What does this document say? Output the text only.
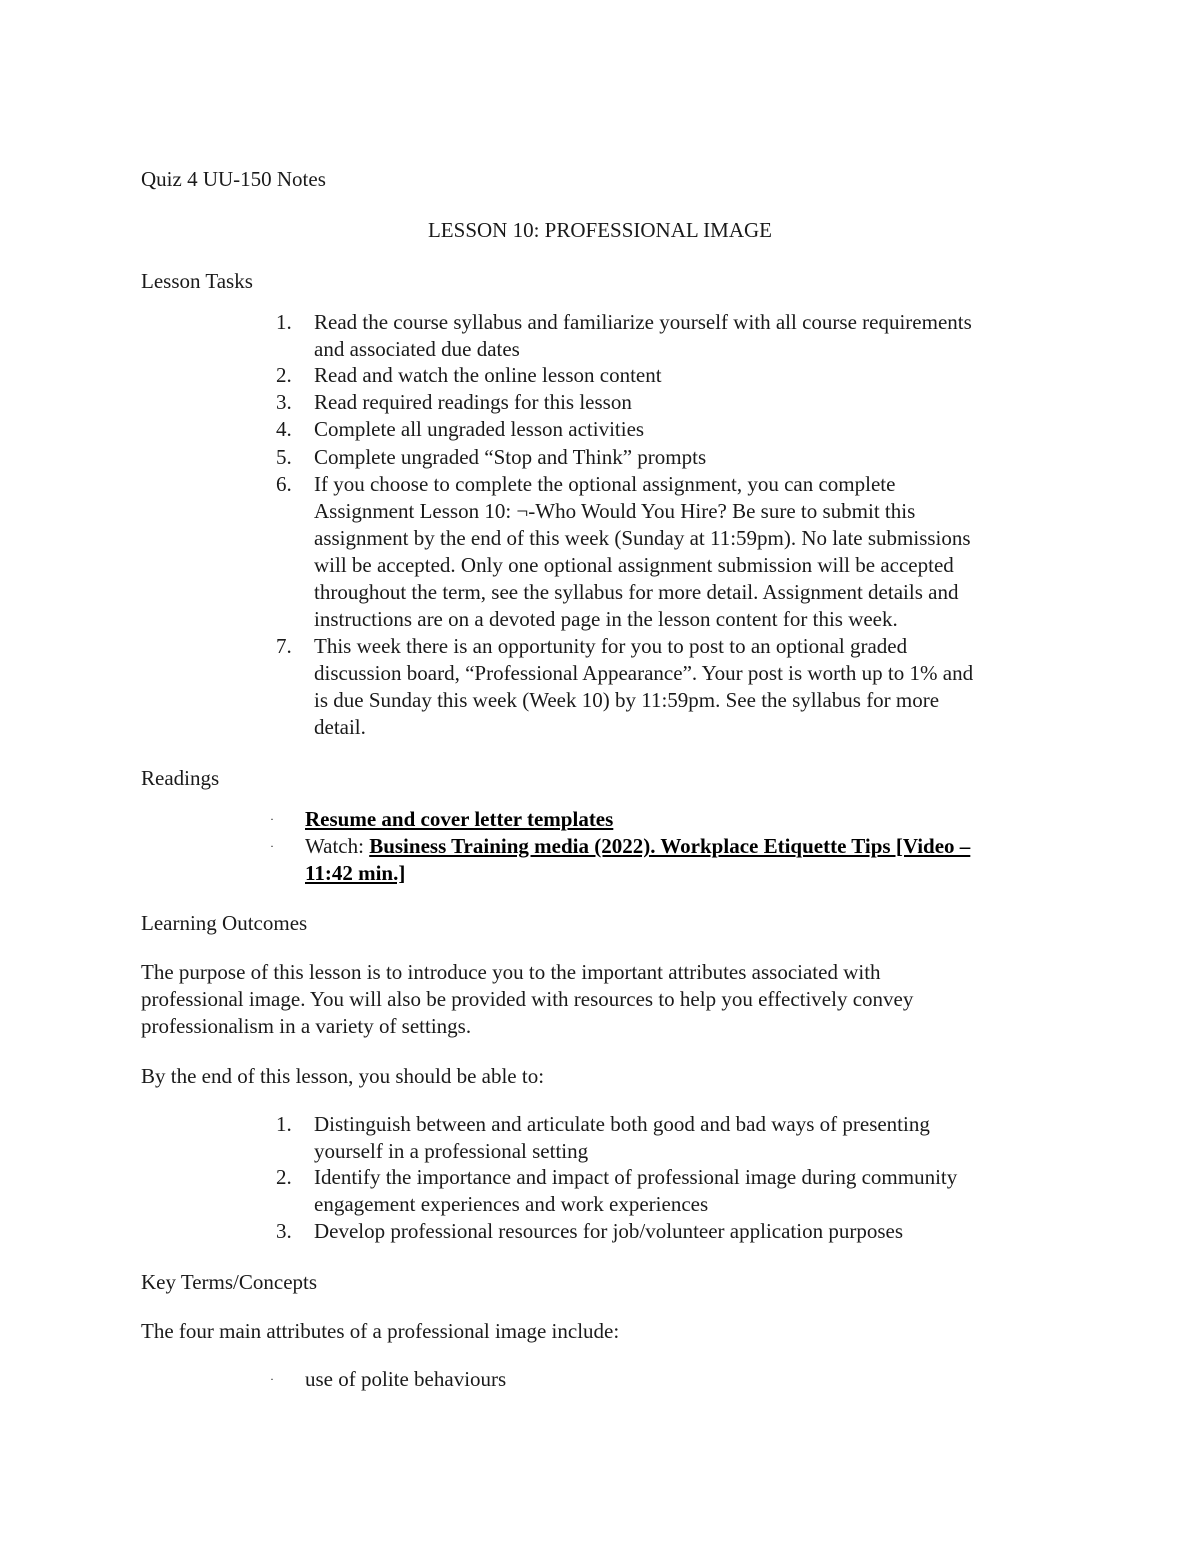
Quiz 4 UU-150 Notes
LESSON 10: PROFESSIONAL IMAGE
Lesson Tasks
1. Read the course syllabus and familiarize yourself with all course requirements
and associated due dates
2. Read and watch the online lesson content
3. Read required readings for this lesson
4. Complete all ungraded lesson activities
5. Complete ungraded “Stop and Think” prompts
6. If you choose to complete the optional assignment, you can complete
Assignment Lesson 10: ¬-Who Would You Hire? Be sure to submit this
assignment by the end of this week (Sunday at 11:59pm). No late submissions
will be accepted. Only one optional assignment submission will be accepted
throughout the term, see the syllabus for more detail. Assignment details and
instructions are on a devoted page in the lesson content for this week.
7. This week there is an opportunity for you to post to an optional graded
discussion board, “Professional Appearance”. Your post is worth up to 1% and
is due Sunday this week (Week 10) by 11:59pm. See the syllabus for more
detail.
Readings
· Resume and cover letter templates
· Watch: Business Training media (2022). Workplace Etiquette Tips [Video –
11:42 min.]
Learning Outcomes
The purpose of this lesson is to introduce you to the important attributes associated with
professional image. You will also be provided with resources to help you effectively convey
professionalism in a variety of settings.
By the end of this lesson, you should be able to:
1. Distinguish between and articulate both good and bad ways of presenting
yourself in a professional setting
2. Identify the importance and impact of professional image during community
engagement experiences and work experiences
3. Develop professional resources for job/volunteer application purposes
Key Terms/Concepts
The four main attributes of a professional image include:
· use of polite behaviours
